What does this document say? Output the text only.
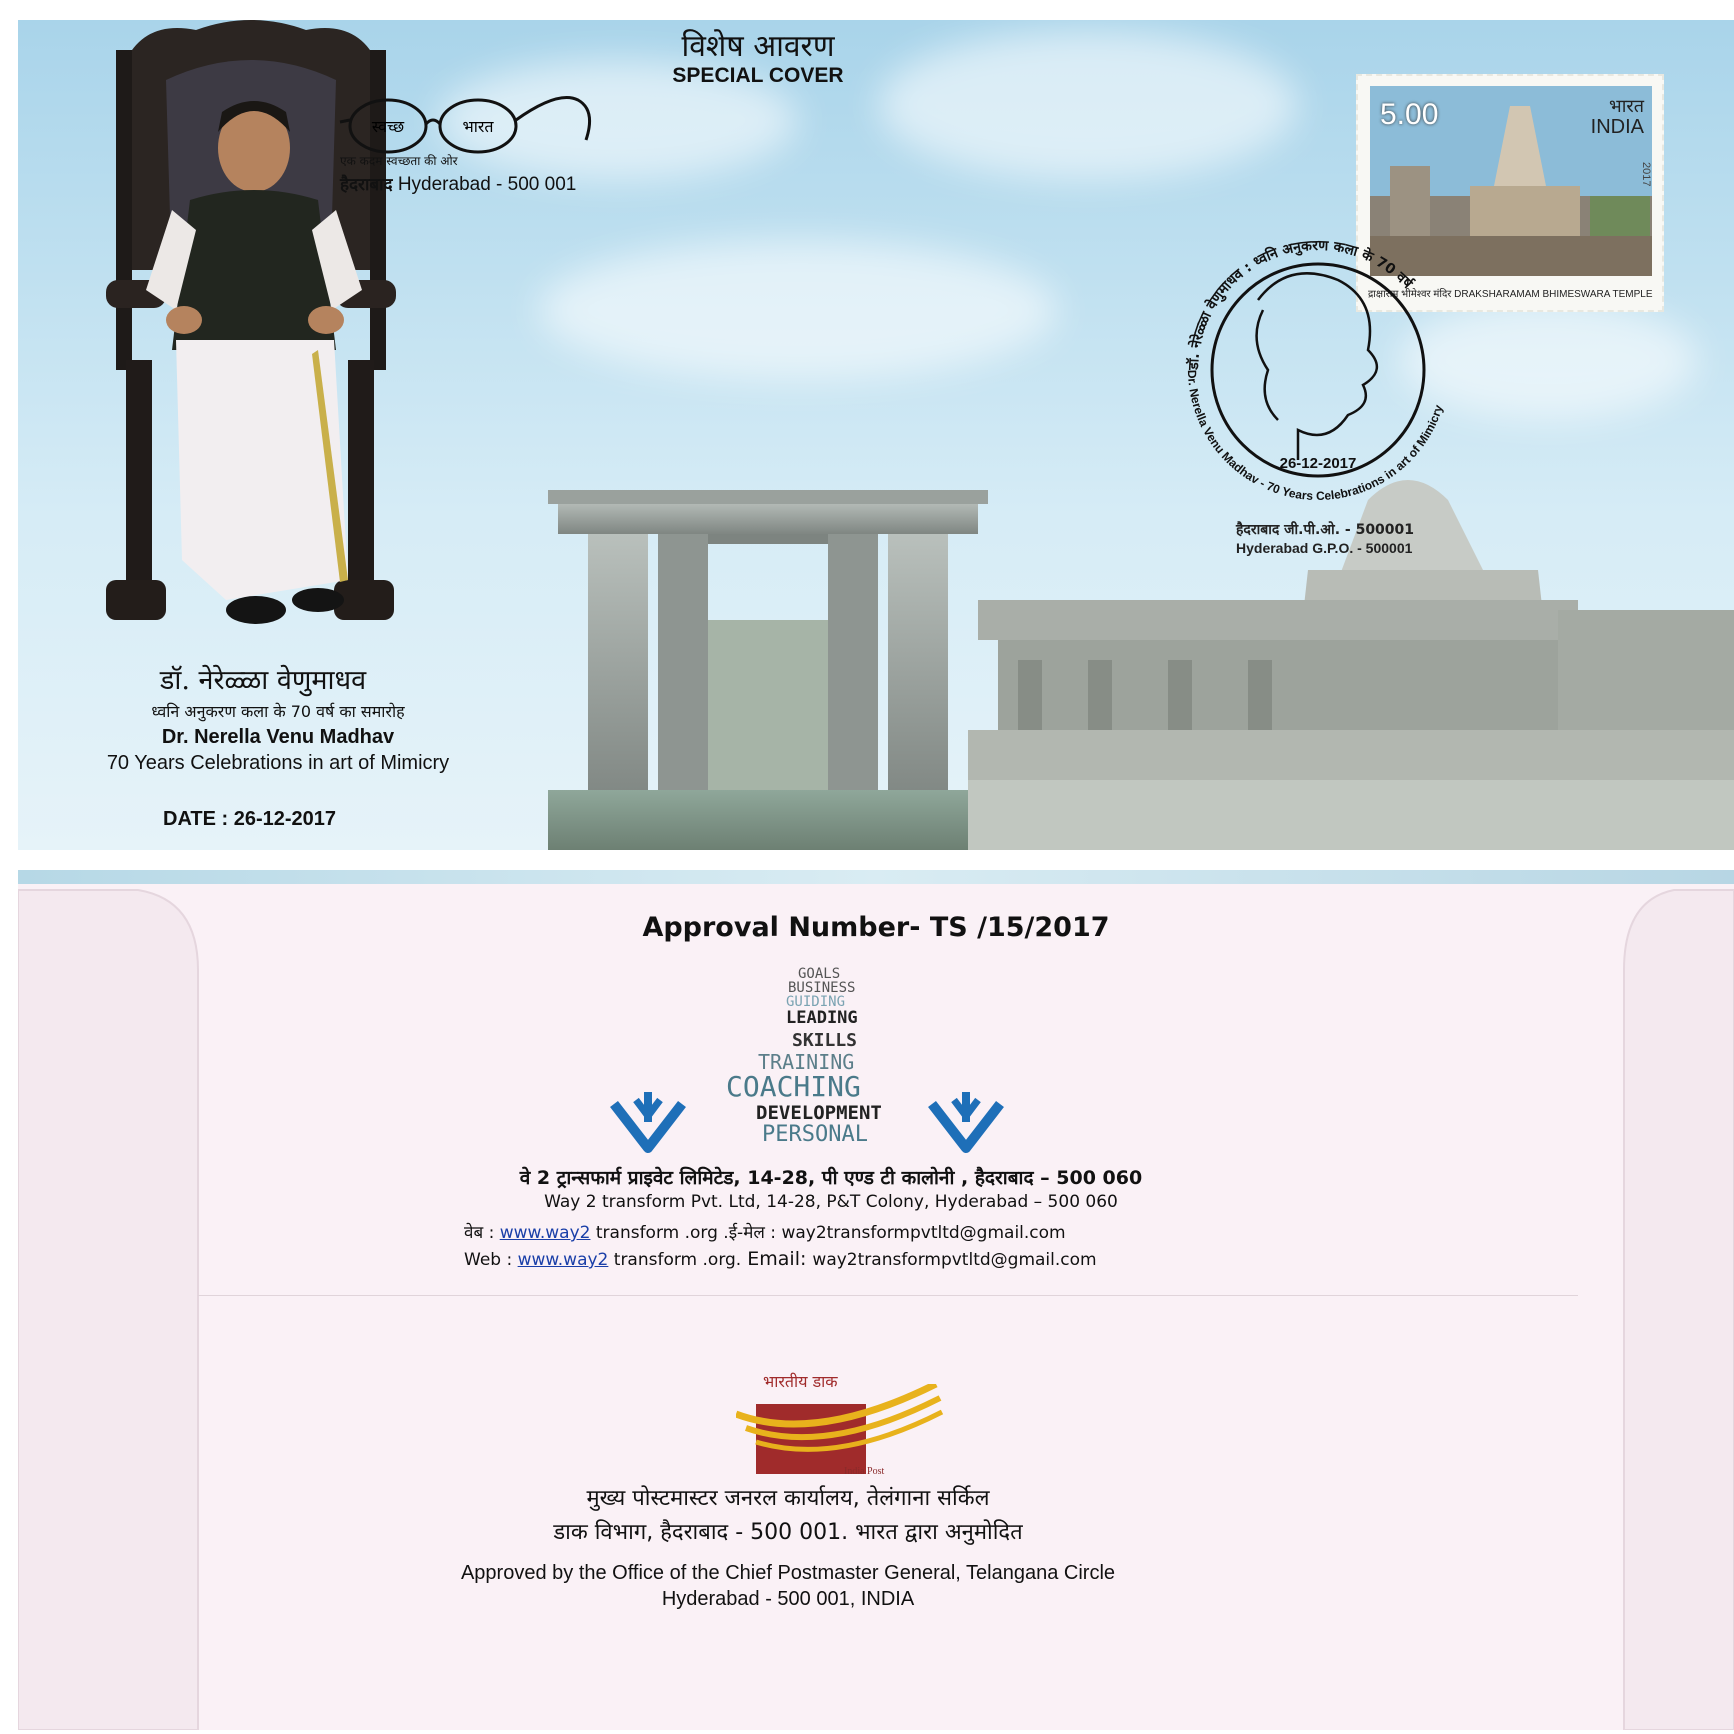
विशेष आवरण
SPECIAL COVER
स्वच्छ	भारत
एक कदम स्वच्छता की ओर
हैदराबाद Hyderabad - 500 001
डॉ. नेरेळ्ळा वेणुमाधव
ध्वनि अनुकरण कला के 70 वर्ष का समारोह
Dr. Nerella Venu Madhav
70 Years Celebrations in art of Mimicry
DATE : 26-12-2017
5.00	भारत
INDIA
2017
द्राक्षाराम भीमेश्वर मंदिर DRAKSHARAMAM BHIMESWARA TEMPLE
डॉ. नेरेळ्ळा वेणुमाधव : ध्वनि अनुकरण कला के 70 वर्ष
Dr. Nerella Venu Madhav - 70 Years Celebrations in art of Mimicry
26-12-2017
हैदराबाद जी.पी.ओ. - 500001
Hyderabad G.P.O. - 500001
Approval Number- TS /15/2017
GOALS
BUSINESS
GUIDING
LEADING
SKILLS
TRAINING
COACHING
DEVELOPMENT
PERSONAL
वे 2 ट्रान्सफार्म प्राइवेट लिमिटेड, 14-28, पी एण्ड टी कालोनी , हैदराबाद – 500 060
Way 2 transform Pvt. Ltd, 14-28, P&T Colony, Hyderabad – 500 060
वेब : www.way2 transform .org .ई-मेल : way2transformpvtltd@gmail.com
Web : www.way2 transform .org. Email: way2transformpvtltd@gmail.com
भारतीय डाक
India Post
मुख्य पोस्टमास्टर जनरल कार्यालय, तेलंगाना सर्किल
डाक विभाग, हैदराबाद - 500 001. भारत द्वारा अनुमोदित
Approved by the Office of the Chief Postmaster General, Telangana Circle
Hyderabad - 500 001, INDIA
